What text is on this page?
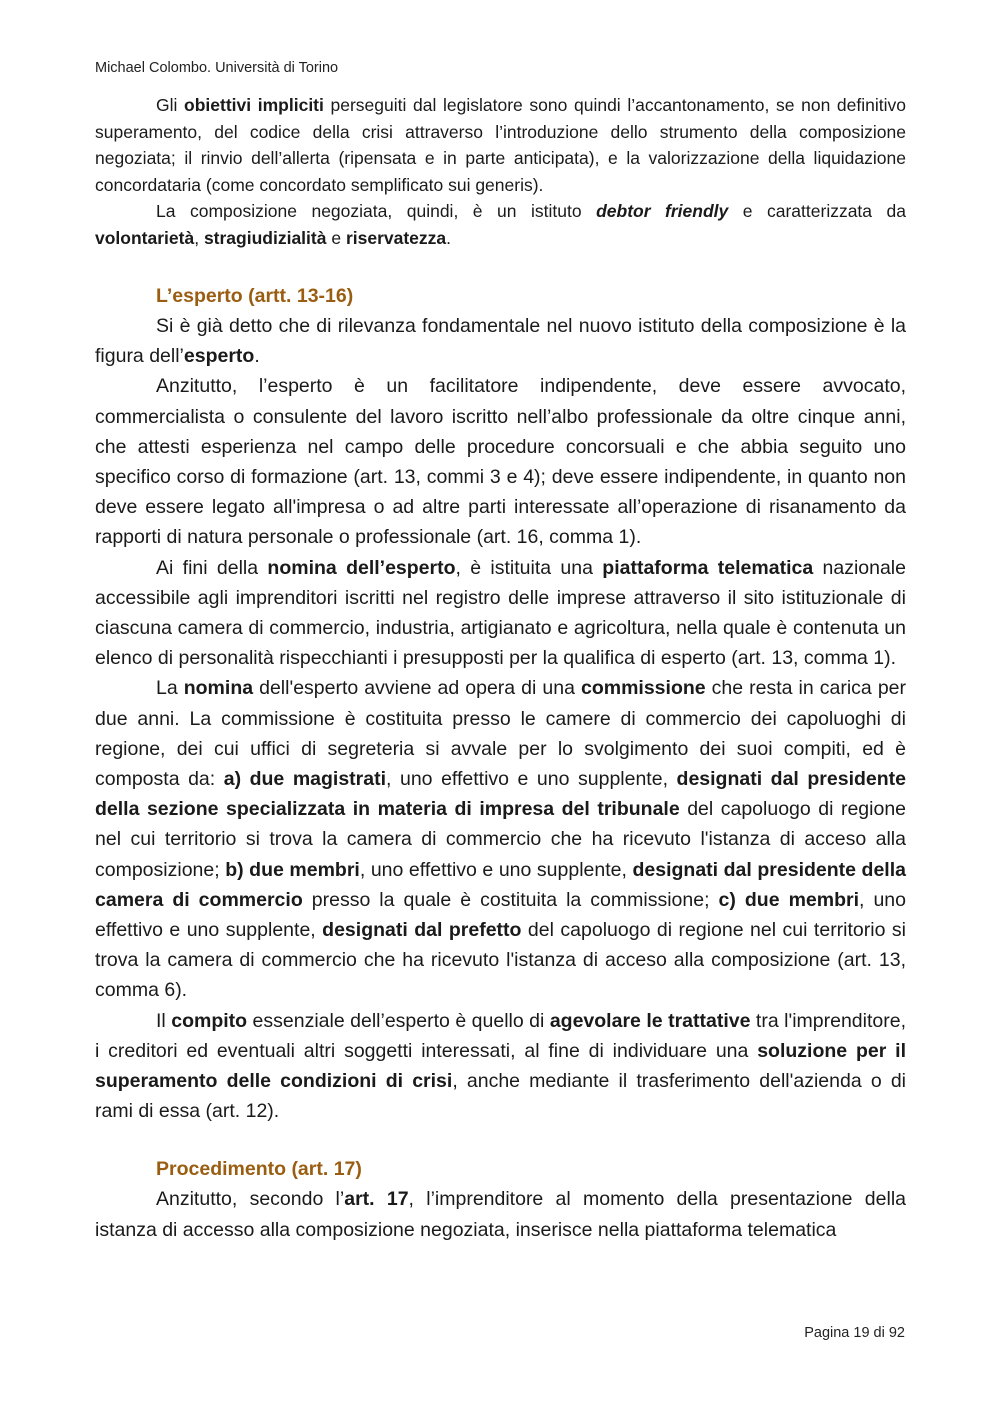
Michael Colombo. Università di Torino

Gli obiettivi impliciti perseguiti dal legislatore sono quindi l’accantonamento, se non definitivo superamento, del codice della crisi attraverso l’introduzione dello strumento della composizione negoziata; il rinvio dell’allerta (ripensata e in parte anticipata), e la valorizzazione della liquidazione concordataria (come concordato semplificato sui generis).

La composizione negoziata, quindi, è un istituto debtor friendly e caratterizzata da volontarietà, stragiudizialità e riservatezza.

L’esperto (artt. 13-16)

Si è già detto che di rilevanza fondamentale nel nuovo istituto della composizione è la figura dell’esperto.

Anzitutto, l’esperto è un facilitatore indipendente, deve essere avvocato, commercialista o consulente del lavoro iscritto nell’albo professionale da oltre cinque anni, che attesti esperienza nel campo delle procedure concorsuali e che abbia seguito uno specifico corso di formazione (art. 13, commi 3 e 4); deve essere indipendente, in quanto non deve essere legato all'impresa o ad altre parti interessate all’operazione di risanamento da rapporti di natura personale o professionale (art. 16, comma 1).

Ai fini della nomina dell’esperto, è istituita una piattaforma telematica nazionale accessibile agli imprenditori iscritti nel registro delle imprese attraverso il sito istituzionale di ciascuna camera di commercio, industria, artigianato e agricoltura, nella quale è contenuta un elenco di personalità rispecchianti i presupposti per la qualifica di esperto (art. 13, comma 1).

La nomina dell'esperto avviene ad opera di una commissione che resta in carica per due anni. La commissione è costituita presso le camere di commercio dei capoluoghi di regione, dei cui uffici di segreteria si avvale per lo svolgimento dei suoi compiti, ed è composta da: a) due magistrati, uno effettivo e uno supplente, designati dal presidente della sezione specializzata in materia di impresa del tribunale del capoluogo di regione nel cui territorio si trova la camera di commercio che ha ricevuto l'istanza di acceso alla composizione; b) due membri, uno effettivo e uno supplente, designati dal presidente della camera di commercio presso la quale è costituita la commissione; c) due membri, uno effettivo e uno supplente, designati dal prefetto del capoluogo di regione nel cui territorio si trova la camera di commercio che ha ricevuto l'istanza di acceso alla composizione (art. 13, comma 6).

Il compito essenziale dell’esperto è quello di agevolare le trattative tra l'imprenditore, i creditori ed eventuali altri soggetti interessati, al fine di individuare una soluzione per il superamento delle condizioni di crisi, anche mediante il trasferimento dell'azienda o di rami di essa (art. 12).

Procedimento (art. 17)

Anzitutto, secondo l’art. 17, l’imprenditore al momento della presentazione della istanza di accesso alla composizione negoziata, inserisce nella piattaforma telematica

Pagina 19 di 92
